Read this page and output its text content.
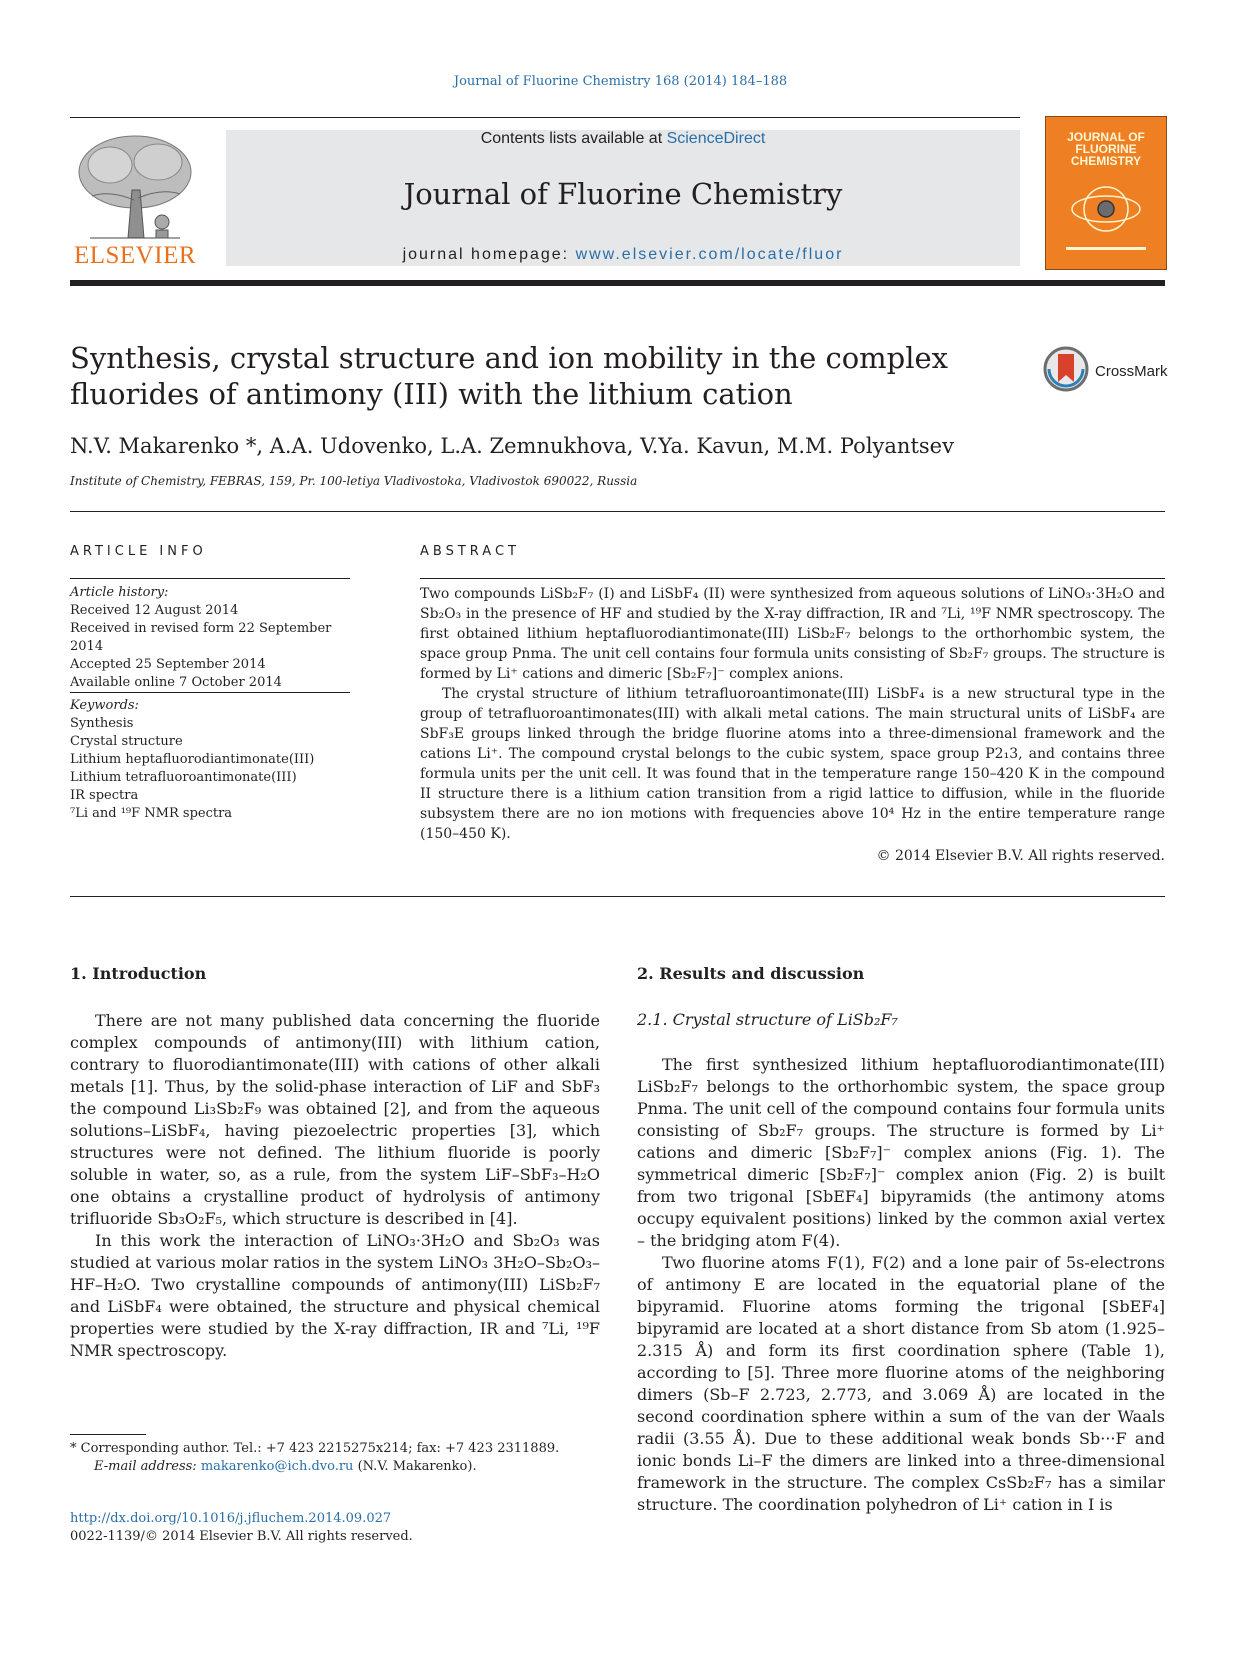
Journal of Fluorine Chemistry 168 (2014) 184–188
ELSEVIER
Contents lists available at ScienceDirect
Journal of Fluorine Chemistry
journal homepage: www.elsevier.com/locate/fluor
JOURNAL OF FLUORINE CHEMISTRY
Synthesis, crystal structure and ion mobility in the complex fluorides of antimony (III) with the lithium cation
CrossMark
N.V. Makarenko *, A.A. Udovenko, L.A. Zemnukhova, V.Ya. Kavun, M.M. Polyantsev
Institute of Chemistry, FEBRAS, 159, Pr. 100-letiya Vladivostoka, Vladivostok 690022, Russia
ARTICLE INFO	ABSTRACT
Article history:
Received 12 August 2014
Received in revised form 22 September 2014
Accepted 25 September 2014
Available online 7 October 2014
Keywords:
Synthesis
Crystal structure
Lithium heptafluorodiantimonate(III)
Lithium tetrafluoroantimonate(III)
IR spectra
⁷Li and ¹⁹F NMR spectra

Two compounds LiSb₂F₇ (I) and LiSbF₄ (II) were synthesized from aqueous solutions of LiNO₃·3H₂O and Sb₂O₃ in the presence of HF and studied by the X-ray diffraction, IR and ⁷Li, ¹⁹F NMR spectroscopy. The first obtained lithium heptafluorodiantimonate(III) LiSb₂F₇ belongs to the orthorhombic system, the space group Pnma. The unit cell contains four formula units consisting of Sb₂F₇ groups. The structure is formed by Li⁺ cations and dimeric [Sb₂F₇]⁻ complex anions.

The crystal structure of lithium tetrafluoroantimonate(III) LiSbF₄ is a new structural type in the group of tetrafluoroantimonates(III) with alkali metal cations. The main structural units of LiSbF₄ are SbF₃E groups linked through the bridge fluorine atoms into a three-dimensional framework and the cations Li⁺. The compound crystal belongs to the cubic system, space group P2₁3, and contains three formula units per the unit cell. It was found that in the temperature range 150–420 K in the compound II structure there is a lithium cation transition from a rigid lattice to diffusion, while in the fluoride subsystem there are no ion motions with frequencies above 10⁴ Hz in the entire temperature range (150–450 K).

© 2014 Elsevier B.V. All rights reserved.
1. Introduction

There are not many published data concerning the fluoride complex compounds of antimony(III) with lithium cation, contrary to fluorodiantimonate(III) with cations of other alkali metals [1]. Thus, by the solid-phase interaction of LiF and SbF₃ the compound Li₃Sb₂F₉ was obtained [2], and from the aqueous solutions–LiSbF₄, having piezoelectric properties [3], which structures were not defined. The lithium fluoride is poorly soluble in water, so, as a rule, from the system LiF–SbF₃–H₂O one obtains a crystalline product of hydrolysis of antimony trifluoride Sb₃O₂F₅, which structure is described in [4].

In this work the interaction of LiNO₃·3H₂O and Sb₂O₃ was studied at various molar ratios in the system LiNO₃ 3H₂O–Sb₂O₃–HF–H₂O. Two crystalline compounds of antimony(III) LiSb₂F₇ and LiSbF₄ were obtained, the structure and physical chemical properties were studied by the X-ray diffraction, IR and ⁷Li, ¹⁹F NMR spectroscopy.

2. Results and discussion
2.1. Crystal structure of LiSb₂F₇

The first synthesized lithium heptafluorodiantimonate(III) LiSb₂F₇ belongs to the orthorhombic system, the space group Pnma. The unit cell of the compound contains four formula units consisting of Sb₂F₇ groups. The structure is formed by Li⁺ cations and dimeric [Sb₂F₇]⁻ complex anions (Fig. 1). The symmetrical dimeric [Sb₂F₇]⁻ complex anion (Fig. 2) is built from two trigonal [SbEF₄] bipyramids (the antimony atoms occupy equivalent positions) linked by the common axial vertex – the bridging atom F(4).

Two fluorine atoms F(1), F(2) and a lone pair of 5s-electrons of antimony E are located in the equatorial plane of the bipyramid. Fluorine atoms forming the trigonal [SbEF₄] bipyramid are located at a short distance from Sb atom (1.925–2.315 Å) and form its first coordination sphere (Table 1), according to [5]. Three more fluorine atoms of the neighboring dimers (Sb–F 2.723, 2.773, and 3.069 Å) are located in the second coordination sphere within a sum of the van der Waals radii (3.55 Å). Due to these additional weak bonds Sb···F and ionic bonds Li–F the dimers are linked into a three-dimensional framework in the structure. The complex CsSb₂F₇ has a similar structure. The coordination polyhedron of Li⁺ cation in I is

* Corresponding author. Tel.: +7 423 2215275x214; fax: +7 423 2311889.
E-mail address: makarenko@ich.dvo.ru (N.V. Makarenko).
http://dx.doi.org/10.1016/j.jfluchem.2014.09.027
0022-1139/© 2014 Elsevier B.V. All rights reserved.
